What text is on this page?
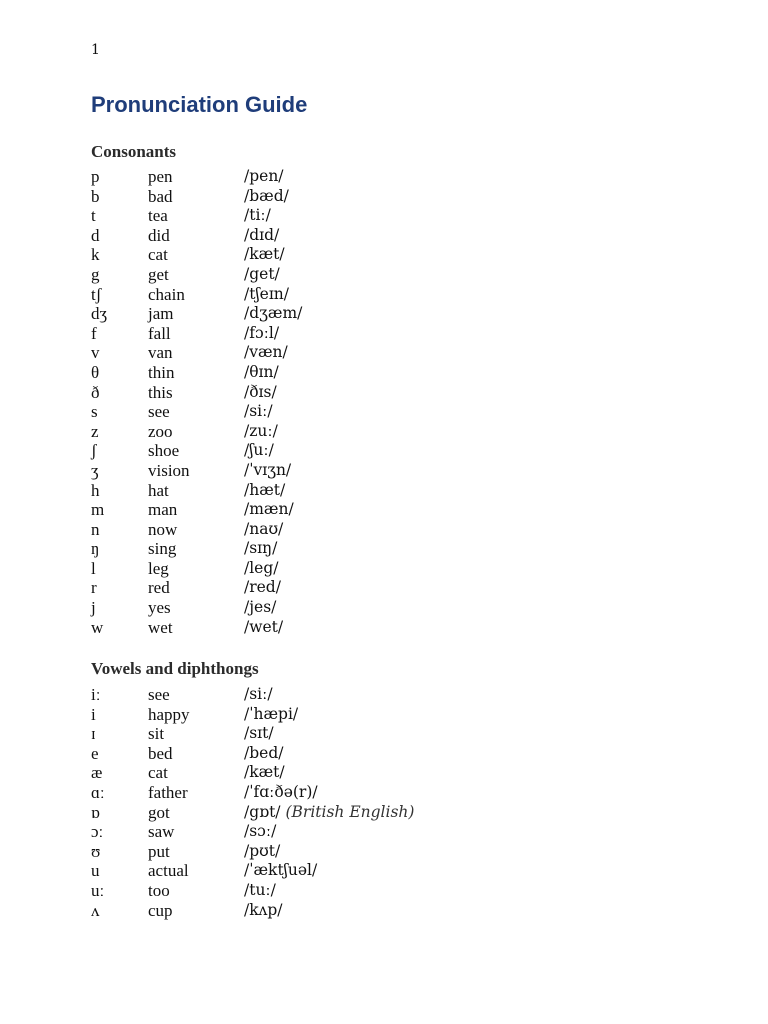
1
Pronunciation Guide
Consonants
p	pen	/pen/
b	bad	/bæd/
t	tea	/tiː/
d	did	/dɪd/
k	cat	/kæt/
g	get	/get/
tʃ	chain	/tʃeɪn/
dʒ jam	/dʒæm/
f	fall	/fɔːl/
v	van	/væn/
θ	thin	/θɪn/
ð	this	/ðɪs/
s	see	/siː/
z	zoo	/zuː/
ʃ	shoe	/ʃuː/
ʒ	vision	/ˈvɪʒn/
h	hat	/hæt/
m	man	/mæn/
n	now	/naʊ/
ŋ	sing	/sɪŋ/
l	leg	/leg/
r	red	/red/
j	yes	/jes/
w	wet	/wet/
Vowels and diphthongs
iː	see	/siː/
i	happy	/ˈhæpi/
ɪ	sit	/sɪt/
e	bed	/bed/
æ	cat	/kæt/
ɑː	father	/ˈfɑːðə(r)/
ɒ	got	/gɒt/ (British English)
ɔː	saw	/sɔː/
ʊ	put	/pʊt/
u	actual	/ˈæktʃuəl/
uː	too	/tuː/
ʌ	cup	/kʌp/
